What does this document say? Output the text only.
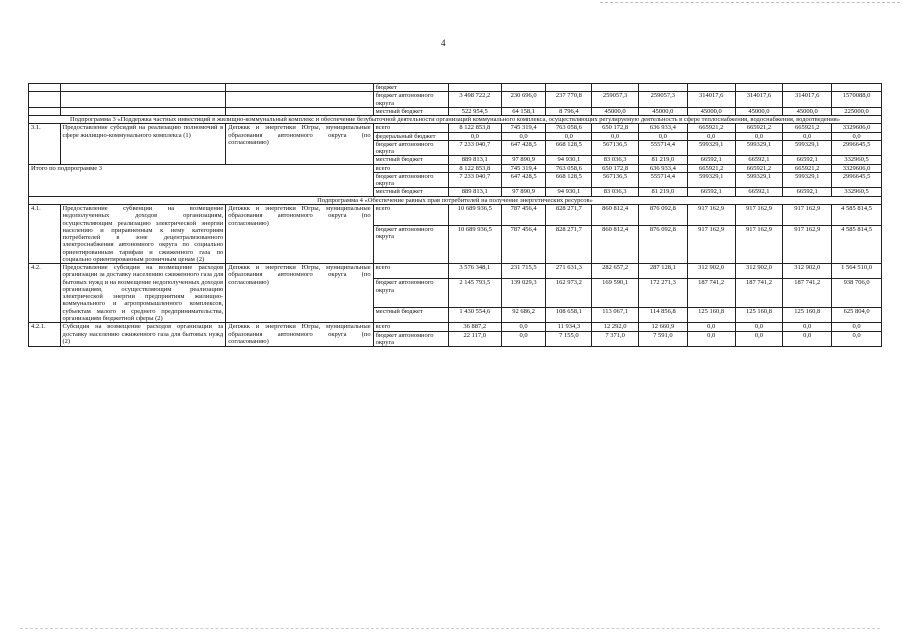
4
			бюджет									
			бюджет автономного округа	3 498 722,2	230 696,0	237 770,8	259057,3	259057,3	314017,6	314017,6	314017,6	1570088,0
			местный бюджет	522 954,5	64 158,1	8 796,4	45000,0	45000,0	45000,0	45000,0	45000,0	225000,0
Подпрограмма 3 «Поддержка частных инвестиций в жилищно-коммунальный комплекс и обеспечение безубыточной деятельности организаций коммунального комплекса, осуществляющих регулируемую деятельность в сфере теплоснабжения, водоснабжения, водоотведения»												
3.1.	Предоставление субсидий на реализацию полномочий в сфере жилищно-коммунального комплекса (1)	Депжкк и энергетики Югры, муниципальные образования автономного округа (по согласованию)	всего	8 122 853,8	745 319,4	763 058,6	650 172,8	636 933,4	665921,2	665921,2	665921,2	3329606,0
			федеральный бюджет	0,0	0,0	0,0	0,0	0,0	0,0	0,0	0,0	0,0
			бюджет автономного округа	7 233 040,7	647 428,5	668 128,5	567136,5	555714,4	599329,1	599329,1	599329,1	2996645,5
			местный бюджет	889 813,1	97 890,9	94 930,1	83 036,3	81 219,0	66592,1	66592,1	66592,1	332960,5
Итого по подпрограмме 3			всего	8 122 853,8	745 319,4	763 058,6	650 172,8	636 933,4	665921,2	665921,2	665921,2	3329606,0
			бюджет автономного округа	7 233 040,7	647 428,5	668 128,5	567136,5	555714,4	599329,1	599329,1	599329,1	2996645,5
			местный бюджет	889 813,1	97 890,9	94 930,1	83 036,3	81 219,0	66592,1	66592,1	66592,1	332960,5
Подпрограмма 4 «Обеспечение равных прав потребителей на получение энергетических ресурсов»												
4.1.	Предоставление субвенции на возмещение недополученных доходов организациям, осуществляющим реализацию электрической энергии населению и приравненным к нему категориям потребителей в зоне децентрализованного электроснабжения автономного округа по социально ориентированным тарифам и сжиженного газа по социально ориентированным розничным ценам (2)	Депжкк и энергетики Югры, муниципальные образования автономного округа (по согласованию)	всего	10 689 936,5	787 456,4	828 271,7	860 812,4	876 092,8	917 162,9	917 162,9	917 162,9	4 585 814,5
			бюджет автономного округа	10 689 936,5	787 456,4	828 271,7	860 812,4	876 092,8	917 162,9	917 162,9	917 162,9	4 585 814,5
4.2.	Предоставление субсидии на возмещение расходов организации за доставку населению сжиженного газа для бытовых нужд и на возмещение недополученных доходов организациям, осуществляющим реализацию электрической энергии предприятиям жилищно-коммунального и агропромышленного комплексов, субъектам малого и среднего предпринимательства, организациям бюджетной сферы (2)	Депжкк и энергетики Югры, муниципальные образования автономного округа (по согласованию)	всего	3 576 348,1	231 715,5	271 631,3	282 657,2	287 128,1	312 902,0	312 902,0	312 902,0	1 564 510,0
			бюджет автономного округа	2 145 793,5	139 029,3	162 973,2	169 590,1	172 271,3	187 741,2	187 741,2	187 741,2	938 706,0
			местный бюджет	1 430 554,6	92 686,2	108 658,1	113 067,1	114 856,8	125 160,8	125 160,8	125 160,8	625 804,0
4.2.1.	Субсидия на возмещение расходов организации за доставку населению сжиженного газа для бытовых нужд (2)	Депжкк и энергетики Югры, муниципальные образования автономного округа (по согласованию)	всего	36 887,2	0,0	11 934,3	12 292,0	12 660,9	0,0	0,0	0,0	0,0
			бюджет автономного округа	22 117,0	0,0	7 155,0	7 371,0	7 591,0	0,0	0,0	0,0	0,0
